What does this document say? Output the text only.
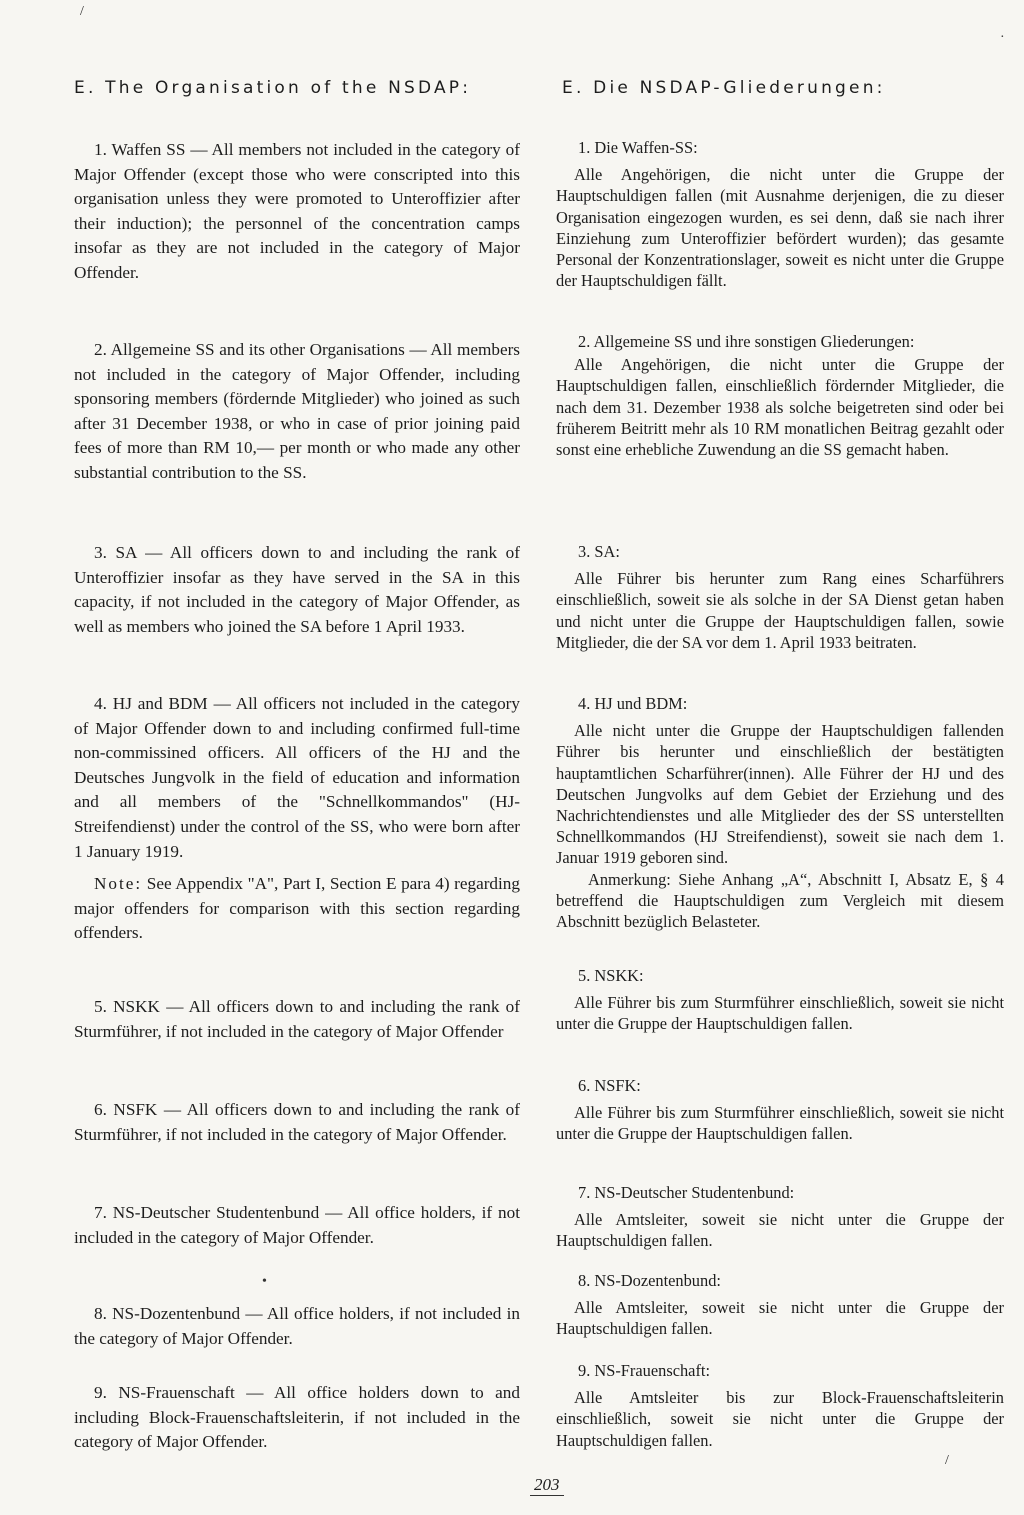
E. The Organisation of the NSDAP:

1. Waffen SS — All members not included in the category of Major Offender (except those who were conscripted into this organisation unless they were promoted to Unteroffizier after their induction); the personnel of the concentration camps insofar as they are not included in the category of Major Offender.

2. Allgemeine SS and its other Organisations — All members not included in the category of Major Offender, including sponsoring members (fördernde Mitglieder) who joined as such after 31 December 1938, or who in case of prior joining paid fees of more than RM 10,— per month or who made any other substantial contribution to the SS.

3. SA — All officers down to and including the rank of Unteroffizier insofar as they have served in the SA in this capacity, if not included in the category of Major Offender, as well as members who joined the SA before 1 April 1933.

4. HJ and BDM — All officers not included in the category of Major Offender down to and including confirmed full-time non-commissined officers. All officers of the HJ and the Deutsches Jungvolk in the field of education and information and all members of the "Schnellkommandos" (HJ-Streifendienst) under the control of the SS, who were born after 1 January 1919.

Note: See Appendix "A", Part I, Section E para 4) regarding major offenders for comparison with this section regarding offenders.

5. NSKK — All officers down to and including the rank of Sturmführer, if not included in the category of Major Offender

6. NSFK — All officers down to and including the rank of Sturmführer, if not included in the category of Major Offender.

7. NS-Deutscher Studentenbund — All office holders, if not included in the category of Major Offender.

8. NS-Dozentenbund — All office holders, if not included in the category of Major Offender.

9. NS-Frauenschaft — All office holders down to and including Block-Frauenschaftsleiterin, if not included in the category of Major Offender.

E. Die NSDAP-Gliederungen:

1. Die Waffen-SS:

Alle Angehörigen, die nicht unter die Gruppe der Hauptschuldigen fallen (mit Ausnahme derjenigen, die zu dieser Organisation eingezogen wurden, es sei denn, daß sie nach ihrer Einziehung zum Unteroffizier befördert wurden); das gesamte Personal der Konzentrationslager, soweit es nicht unter die Gruppe der Hauptschuldigen fällt.

2. Allgemeine SS und ihre sonstigen Gliederungen:

Alle Angehörigen, die nicht unter die Gruppe der Hauptschuldigen fallen, einschließlich fördernder Mitglieder, die nach dem 31. Dezember 1938 als solche beigetreten sind oder bei früherem Beitritt mehr als 10 RM monatlichen Beitrag gezahlt oder sonst eine erhebliche Zuwendung an die SS gemacht haben.

3. SA:

Alle Führer bis herunter zum Rang eines Scharführers einschließlich, soweit sie als solche in der SA Dienst getan haben und nicht unter die Gruppe der Hauptschuldigen fallen, sowie Mitglieder, die der SA vor dem 1. April 1933 beitraten.

4. HJ und BDM:

Alle nicht unter die Gruppe der Hauptschuldigen fallenden Führer bis herunter und einschließlich der bestätigten hauptamtlichen Scharführer(innen). Alle Führer der HJ und des Deutschen Jungvolks auf dem Gebiet der Erziehung und des Nachrichtendienstes und alle Mitglieder des der SS unterstellten Schnellkommandos (HJ Streifendienst), soweit sie nach dem 1. Januar 1919 geboren sind.

Anmerkung: Siehe Anhang „A“, Abschnitt I, Absatz E, § 4 betreffend die Hauptschuldigen zum Vergleich mit diesem Abschnitt bezüglich Belasteter.

5. NSKK:

Alle Führer bis zum Sturmführer einschließlich, soweit sie nicht unter die Gruppe der Hauptschuldigen fallen.

6. NSFK:

Alle Führer bis zum Sturmführer einschließlich, soweit sie nicht unter die Gruppe der Hauptschuldigen fallen.

7. NS-Deutscher Studentenbund:

Alle Amtsleiter, soweit sie nicht unter die Gruppe der Hauptschuldigen fallen.

8. NS-Dozentenbund:

Alle Amtsleiter, soweit sie nicht unter die Gruppe der Hauptschuldigen fallen.

9. NS-Frauenschaft:

Alle Amtsleiter bis zur Block-Frauenschaftsleiterin einschließlich, soweit sie nicht unter die Gruppe der Hauptschuldigen fallen.

203
/
·
•
/
